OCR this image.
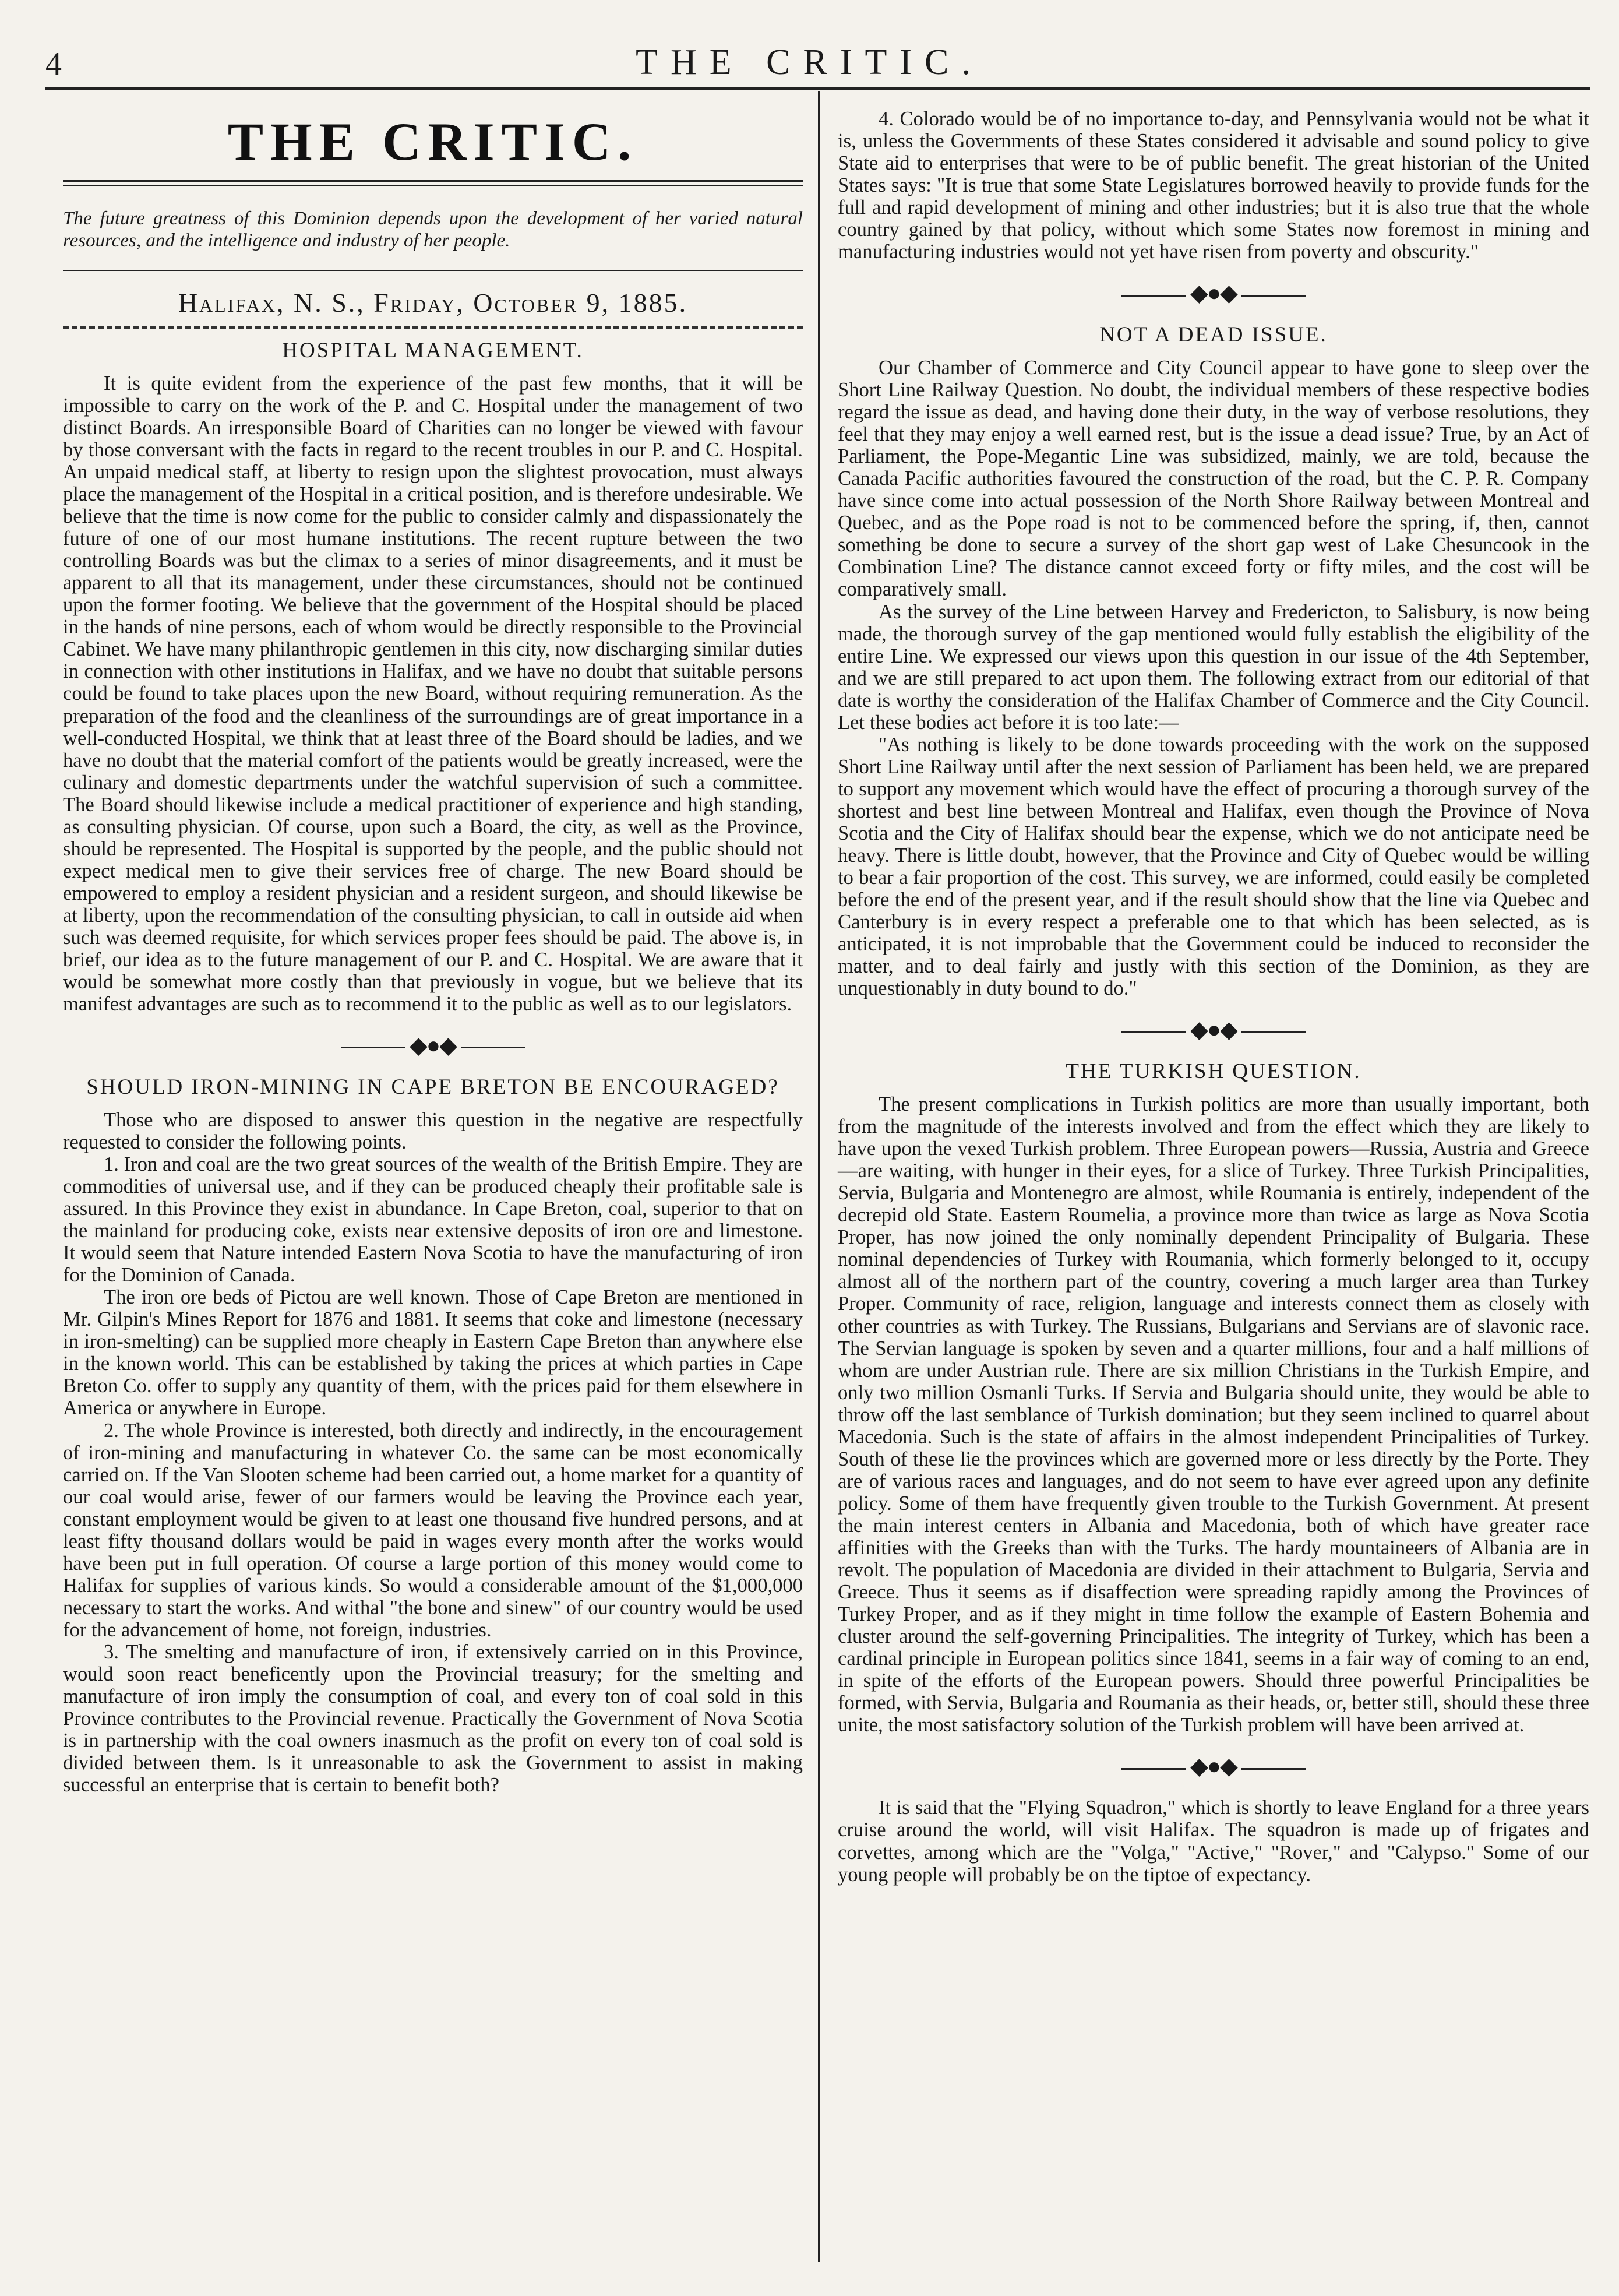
4	THE CRITIC.
THE CRITIC.

The future greatness of this Dominion depends upon the development of her varied natural resources, and the intelligence and industry of her people.

Halifax, N. S., Friday, October 9, 1885.
HOSPITAL MANAGEMENT.

It is quite evident from the experience of the past few months, that it will be impossible to carry on the work of the P. and C. Hospital under the management of two distinct Boards. An irresponsible Board of Charities can no longer be viewed with favour by those conversant with the facts in regard to the recent troubles in our P. and C. Hospital. An unpaid medical staff, at liberty to resign upon the slightest provocation, must always place the management of the Hospital in a critical position, and is therefore undesirable. We believe that the time is now come for the public to consider calmly and dispassionately the future of one of our most humane institutions. The recent rupture between the two controlling Boards was but the climax to a series of minor disagreements, and it must be apparent to all that its management, under these circumstances, should not be continued upon the former footing. We believe that the government of the Hospital should be placed in the hands of nine persons, each of whom would be directly responsible to the Provincial Cabinet. We have many philanthropic gentlemen in this city, now discharging similar duties in connection with other institutions in Halifax, and we have no doubt that suitable persons could be found to take places upon the new Board, without requiring remuneration. As the preparation of the food and the cleanliness of the surroundings are of great importance in a well-conducted Hospital, we think that at least three of the Board should be ladies, and we have no doubt that the material comfort of the patients would be greatly increased, were the culinary and domestic departments under the watchful supervision of such a committee. The Board should likewise include a medical practitioner of experience and high standing, as consulting physician. Of course, upon such a Board, the city, as well as the Province, should be represented. The Hospital is supported by the people, and the public should not expect medical men to give their services free of charge. The new Board should be empowered to employ a resident physician and a resident surgeon, and should likewise be at liberty, upon the recommendation of the consulting physician, to call in outside aid when such was deemed requisite, for which services proper fees should be paid. The above is, in brief, our idea as to the future management of our P. and C. Hospital. We are aware that it would be somewhat more costly than that previously in vogue, but we believe that its manifest advantages are such as to recommend it to the public as well as to our legislators.

◆●◆
SHOULD IRON-MINING IN CAPE BRETON BE ENCOURAGED?

Those who are disposed to answer this question in the negative are respectfully requested to consider the following points.

1. Iron and coal are the two great sources of the wealth of the British Empire. They are commodities of universal use, and if they can be produced cheaply their profitable sale is assured. In this Province they exist in abundance. In Cape Breton, coal, superior to that on the mainland for producing coke, exists near extensive deposits of iron ore and limestone. It would seem that Nature intended Eastern Nova Scotia to have the manufacturing of iron for the Dominion of Canada.

The iron ore beds of Pictou are well known. Those of Cape Breton are mentioned in Mr. Gilpin's Mines Report for 1876 and 1881. It seems that coke and limestone (necessary in iron-smelting) can be supplied more cheaply in Eastern Cape Breton than anywhere else in the known world. This can be established by taking the prices at which parties in Cape Breton Co. offer to supply any quantity of them, with the prices paid for them elsewhere in America or anywhere in Europe.

2. The whole Province is interested, both directly and indirectly, in the encouragement of iron-mining and manufacturing in whatever Co. the same can be most economically carried on. If the Van Slooten scheme had been carried out, a home market for a quantity of our coal would arise, fewer of our farmers would be leaving the Province each year, constant employment would be given to at least one thousand five hundred persons, and at least fifty thousand dollars would be paid in wages every month after the works would have been put in full operation. Of course a large portion of this money would come to Halifax for supplies of various kinds. So would a considerable amount of the $1,000,000 necessary to start the works. And withal "the bone and sinew" of our country would be used for the advancement of home, not foreign, industries.

3. The smelting and manufacture of iron, if extensively carried on in this Province, would soon react beneficently upon the Provincial treasury; for the smelting and manufacture of iron imply the consumption of coal, and every ton of coal sold in this Province contributes to the Provincial revenue. Practically the Government of Nova Scotia is in partnership with the coal owners inasmuch as the profit on every ton of coal sold is divided between them. Is it unreasonable to ask the Government to assist in making successful an enterprise that is certain to benefit both?

4. Colorado would be of no importance to-day, and Pennsylvania would not be what it is, unless the Governments of these States considered it advisable and sound policy to give State aid to enterprises that were to be of public benefit. The great historian of the United States says: "It is true that some State Legislatures borrowed heavily to provide funds for the full and rapid development of mining and other industries; but it is also true that the whole country gained by that policy, without which some States now foremost in mining and manufacturing industries would not yet have risen from poverty and obscurity."

◆●◆
NOT A DEAD ISSUE.

Our Chamber of Commerce and City Council appear to have gone to sleep over the Short Line Railway Question. No doubt, the individual members of these respective bodies regard the issue as dead, and having done their duty, in the way of verbose resolutions, they feel that they may enjoy a well earned rest, but is the issue a dead issue? True, by an Act of Parliament, the Pope-Megantic Line was subsidized, mainly, we are told, because the Canada Pacific authorities favoured the construction of the road, but the C. P. R. Company have since come into actual possession of the North Shore Railway between Montreal and Quebec, and as the Pope road is not to be commenced before the spring, if, then, cannot something be done to secure a survey of the short gap west of Lake Chesuncook in the Combination Line? The distance cannot exceed forty or fifty miles, and the cost will be comparatively small.

As the survey of the Line between Harvey and Fredericton, to Salisbury, is now being made, the thorough survey of the gap mentioned would fully establish the eligibility of the entire Line. We expressed our views upon this question in our issue of the 4th September, and we are still prepared to act upon them. The following extract from our editorial of that date is worthy the consideration of the Halifax Chamber of Commerce and the City Council. Let these bodies act before it is too late:—

"As nothing is likely to be done towards proceeding with the work on the supposed Short Line Railway until after the next session of Parliament has been held, we are prepared to support any movement which would have the effect of procuring a thorough survey of the shortest and best line between Montreal and Halifax, even though the Province of Nova Scotia and the City of Halifax should bear the expense, which we do not anticipate need be heavy. There is little doubt, however, that the Province and City of Quebec would be willing to bear a fair proportion of the cost. This survey, we are informed, could easily be completed before the end of the present year, and if the result should show that the line via Quebec and Canterbury is in every respect a preferable one to that which has been selected, as is anticipated, it is not improbable that the Government could be induced to reconsider the matter, and to deal fairly and justly with this section of the Dominion, as they are unquestionably in duty bound to do."

◆●◆
THE TURKISH QUESTION.

The present complications in Turkish politics are more than usually important, both from the magnitude of the interests involved and from the effect which they are likely to have upon the vexed Turkish problem. Three European powers—Russia, Austria and Greece—are waiting, with hunger in their eyes, for a slice of Turkey. Three Turkish Principalities, Servia, Bulgaria and Montenegro are almost, while Roumania is entirely, independent of the decrepid old State. Eastern Roumelia, a province more than twice as large as Nova Scotia Proper, has now joined the only nominally dependent Principality of Bulgaria. These nominal dependencies of Turkey with Roumania, which formerly belonged to it, occupy almost all of the northern part of the country, covering a much larger area than Turkey Proper. Community of race, religion, language and interests connect them as closely with other countries as with Turkey. The Russians, Bulgarians and Servians are of slavonic race. The Servian language is spoken by seven and a quarter millions, four and a half millions of whom are under Austrian rule. There are six million Christians in the Turkish Empire, and only two million Osmanli Turks. If Servia and Bulgaria should unite, they would be able to throw off the last semblance of Turkish domination; but they seem inclined to quarrel about Macedonia. Such is the state of affairs in the almost independent Principalities of Turkey. South of these lie the provinces which are governed more or less directly by the Porte. They are of various races and languages, and do not seem to have ever agreed upon any definite policy. Some of them have frequently given trouble to the Turkish Government. At present the main interest centers in Albania and Macedonia, both of which have greater race affinities with the Greeks than with the Turks. The hardy mountaineers of Albania are in revolt. The population of Macedonia are divided in their attachment to Bulgaria, Servia and Greece. Thus it seems as if disaffection were spreading rapidly among the Provinces of Turkey Proper, and as if they might in time follow the example of Eastern Bohemia and cluster around the self-governing Principalities. The integrity of Turkey, which has been a cardinal principle in European politics since 1841, seems in a fair way of coming to an end, in spite of the efforts of the European powers. Should three powerful Principalities be formed, with Servia, Bulgaria and Roumania as their heads, or, better still, should these three unite, the most satisfactory solution of the Turkish problem will have been arrived at.

◆●◆

It is said that the "Flying Squadron," which is shortly to leave England for a three years cruise around the world, will visit Halifax. The squadron is made up of frigates and corvettes, among which are the "Volga," "Active," "Rover," and "Calypso." Some of our young people will probably be on the tiptoe of expectancy.
